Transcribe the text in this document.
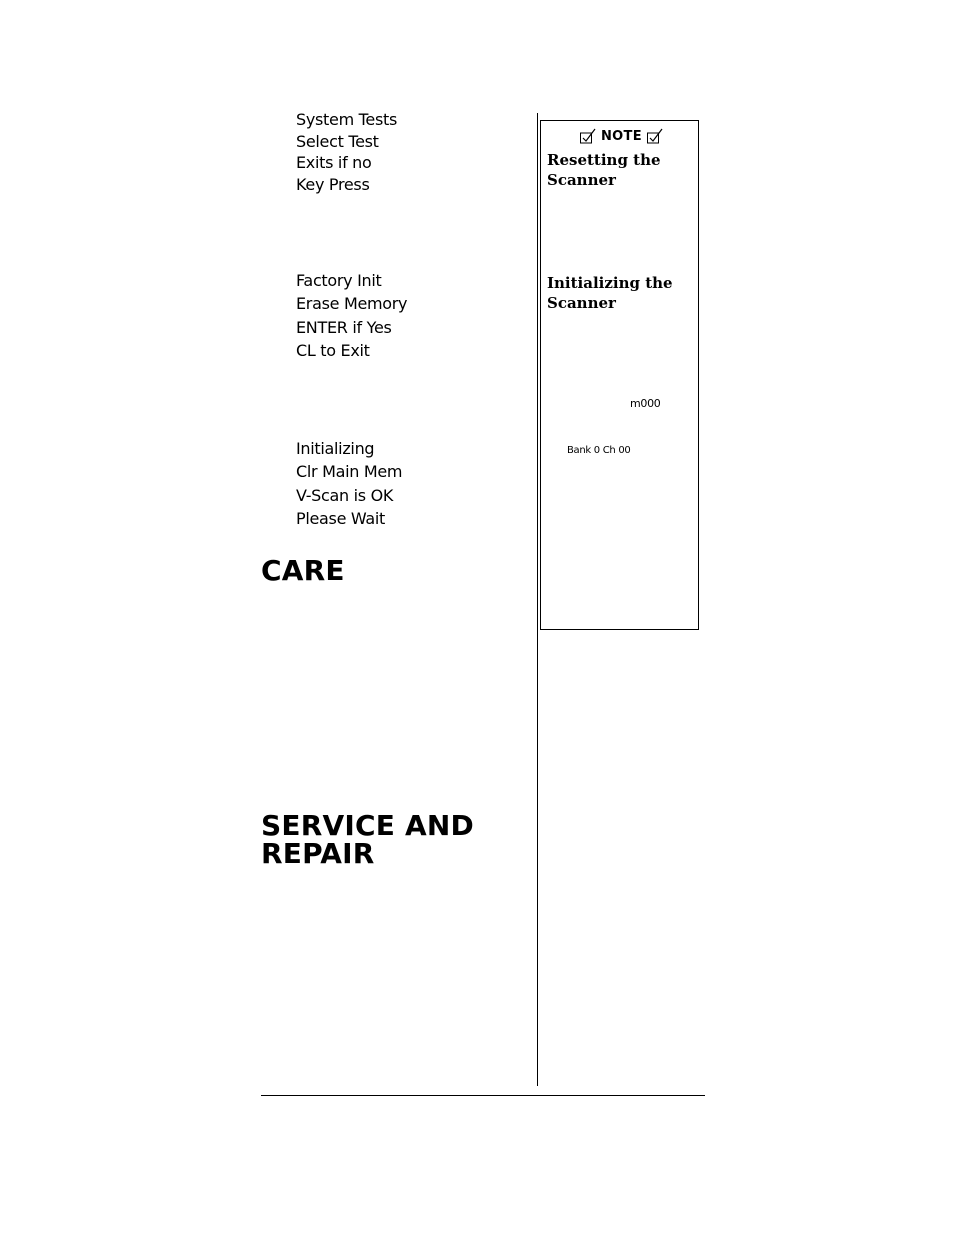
System Tests
Select Test
Exits if no
Key Press
Factory Init
Erase Memory
ENTER if Yes
CL to Exit
Initializing
Clr Main Mem
V-Scan is OK
Please Wait
CARE
SERVICE AND
REPAIR
NOTE
Resetting the
Scanner
Initializing the
Scanner
m000
Bank 0 Ch 00
